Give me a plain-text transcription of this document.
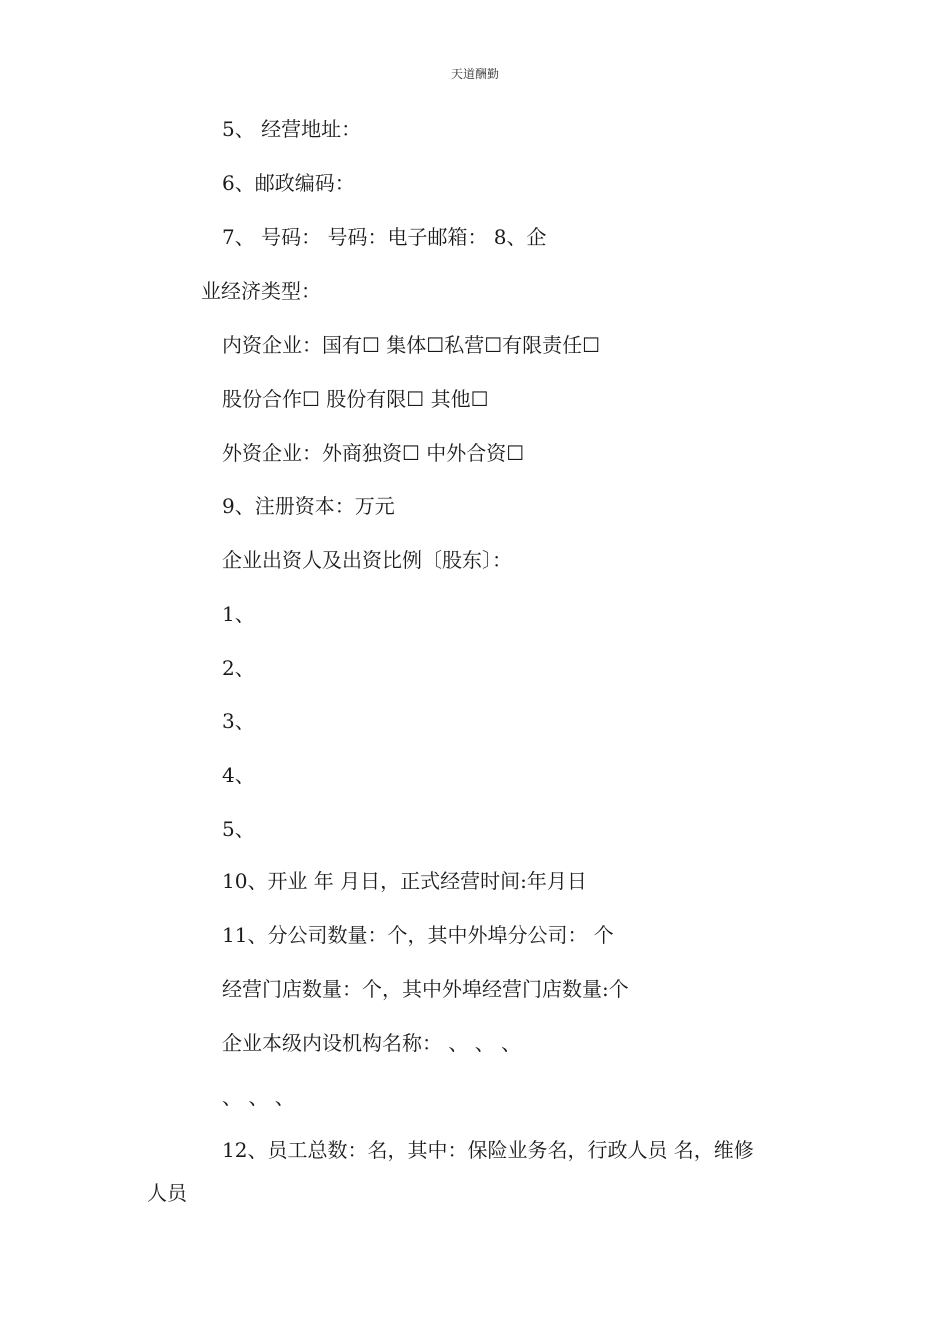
天道酬勤
5、 经营地址：
6、邮政编码：
7、 号码： 号码：电子邮箱： 8、企
业经济类型：
内资企业：国有☐ 集体☐私营☐有限责任☐
股份合作☐ 股份有限☐ 其他☐
外资企业：外商独资☐ 中外合资☐
9、注册资本：万元
企业出资人及出资比例〔股东〕：
1、
2、
3、
4、
5、
10、开业 年 月日，正式经营时间:年月日
11、分公司数量：个，其中外埠分公司： 个
经营门店数量：个，其中外埠经营门店数量:个
企业本级内设机构名称： 、 、 、
、 、 、
12、员工总数：名，其中：保险业务名，行政人员 名，维修
人员
